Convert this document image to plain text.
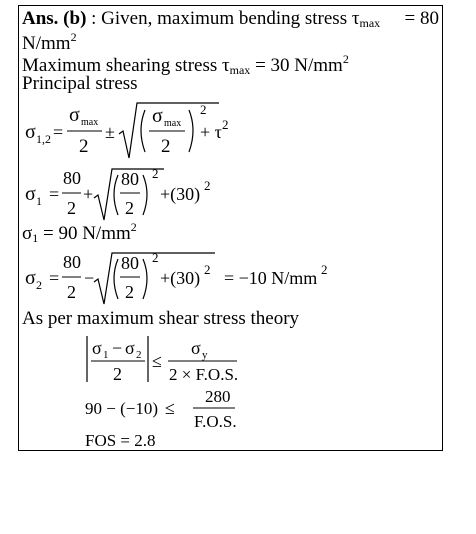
Ans. (b) : Given, maximum bending stress $\tau_{max} = 80$
$N/mm^2$
Maximum shearing stress $\tau_{max} = 30$ $N/mm^2$
Principal stress
σ 1,2 =
σ max
2
±
σ max
2
2
+ τ 2
σ 1 =
80
2
+
80
2
2
+(30) 2
$\sigma_1 = 90$ $N/mm^2$
σ 2 =
80
2
−
80
2
2
+(30) 2 = −10 N/mm 2
As per maximum shear stress theory
σ 1 − σ 2
2
≤
σ y
2 × F.O.S.
90 − (−10) ≤
280
F.O.S.
FOS = 2.8
